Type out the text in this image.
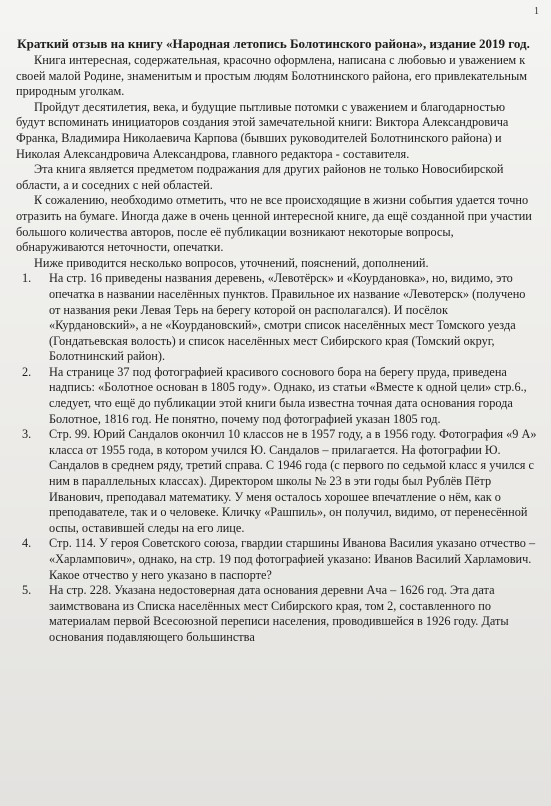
1
Краткий отзыв на книгу «Народная летопись Болотинского района», издание 2019 год.

Книга интересная, содержательная, красочно оформлена, написана с любовью и уважением к своей малой Родине, знаменитым и простым людям Болотнинского района, его привлекательным природным уголкам.

Пройдут десятилетия, века, и будущие пытливые потомки с уважением и благодарностью будут вспоминать инициаторов создания этой замечательной книги: Виктора Александровича Франка, Владимира Николаевича Карпова (бывших руководителей Болотнинского района) и Николая Александровича Александрова, главного редактора - составителя.

Эта книга является предметом подражания для других районов не только Новосибирской области, а и соседних с ней областей.

К сожалению, необходимо отметить, что не все происходящие в жизни события удается точно отразить на бумаге. Иногда даже в очень ценной интересной книге, да ещё созданной при участии большого количества авторов, после её публикации возникают некоторые вопросы, обнаруживаются неточности, опечатки.

Ниже приводится несколько вопросов, уточнений, пояснений, дополнений.

1. На стр. 16 приведены названия деревень, «Левотёрск» и «Коурдановка», но, видимо, это опечатка в названии населённых пунктов. Правильное их название «Левотерск» (получено от названия реки Левая Терь на берегу которой он располагался). И посёлок «Курдановский», а не «Коурдановский», смотри список населённых мест Томского уезда (Гондатьевская волость) и список населённых мест Сибирского края (Томский округ, Болотнинский район).
2. На странице 37 под фотографией красивого соснового бора на берегу пруда, приведена надпись: «Болотное основан в 1805 году». Однако, из статьи «Вместе к одной цели» стр.6., следует, что ещё до публикации этой книги была известна точная дата основания города Болотное, 1816 год. Не понятно, почему под фотографией указан 1805 год.
3. Стр. 99. Юрий Сандалов окончил 10 классов не в 1957 году, а в 1956 году. Фотография «9 А» класса от 1955 года, в котором учился Ю. Сандалов – прилагается. На фотографии Ю. Сандалов в среднем ряду, третий справа. С 1946 года (с первого по седьмой класс я учился с ним в параллельных классах). Директором школы № 23 в эти годы был Рублёв Пётр Иванович, преподавал математику. У меня осталось хорошее впечатление о нём, как о преподавателе, так и о человеке. Кличку «Рашпиль», он получил, видимо, от перенесённой оспы, оставившей следы на его лице.
4. Стр. 114. У героя Советского союза, гвардии старшины Иванова Василия указано отчество – «Харлампович», однако, на стр. 19 под фотографией указано: Иванов Василий Харламович. Какое отчество у него указано в паспорте?
5. На стр. 228. Указана недостоверная дата основания деревни Ача – 1626 год. Эта дата заимствована из Списка населённых мест Сибирского края, том 2, составленного по материалам первой Всесоюзной переписи населения, проводившейся в 1926 году. Даты основания подавляющего большинства
